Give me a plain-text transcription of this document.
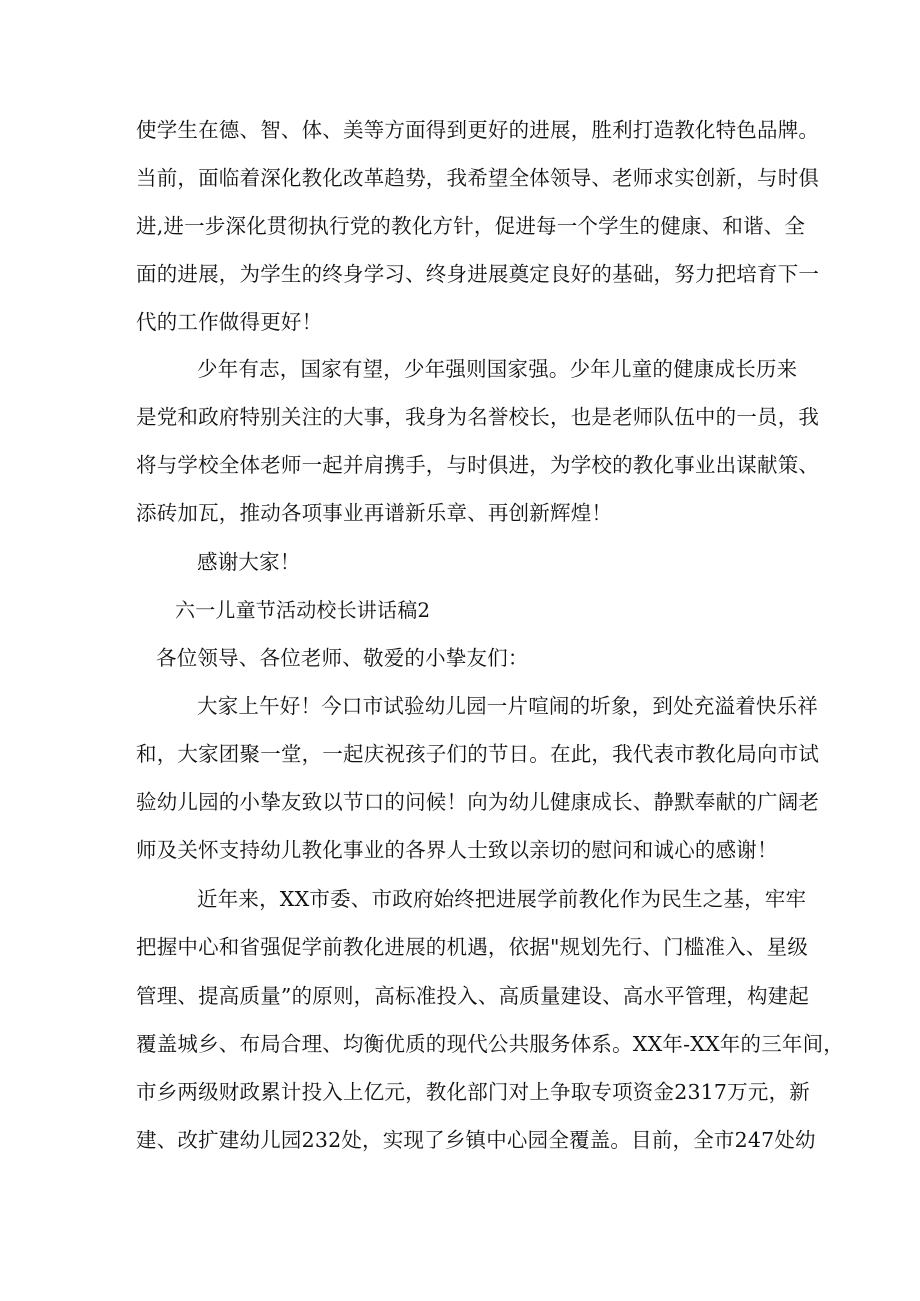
使学生在德、智、体、美等方面得到更好的进展，胜利打造教化特色品牌。
当前，面临着深化教化改革趋势，我希望全体领导、老师求实创新，与时俱
进,进一步深化贯彻执行党的教化方针，促进每一个学生的健康、和谐、全
面的进展，为学生的终身学习、终身进展奠定良好的基础，努力把培育下一
代的工作做得更好！
少年有志，国家有望，少年强则国家强。少年儿童的健康成长历来
是党和政府特别关注的大事，我身为名誉校长，也是老师队伍中的一员，我
将与学校全体老师一起并肩携手，与时俱进，为学校的教化事业出谋献策、
添砖加瓦，推动各项事业再谱新乐章、再创新辉煌！
感谢大家！
六一儿童节活动校长讲话稿2
各位领导、各位老师、敬爱的小挚友们：
大家上午好！今口市试验幼儿园一片喧闹的圻象，到处充溢着快乐祥
和，大家团聚一堂，一起庆祝孩子们的节日。在此，我代表市教化局向市试
验幼儿园的小挚友致以节口的问候！向为幼儿健康成长、静默奉献的广阔老
师及关怀支持幼儿教化事业的各界人士致以亲切的慰问和诚心的感谢！
近年来，XX市委、市政府始终把进展学前教化作为民生之基，牢牢
把握中心和省强促学前教化进展的机遇，依据"规划先行、门槛准入、星级
管理、提高质量”的原则，高标准投入、高质量建设、高水平管理，构建起
覆盖城乡、布局合理、均衡优质的现代公共服务体系。XX年-XX年的三年间，
市乡两级财政累计投入上亿元，教化部门对上争取专项资金2317万元，新
建、改扩建幼儿园232处，实现了乡镇中心园全覆盖。目前，全市247处幼
